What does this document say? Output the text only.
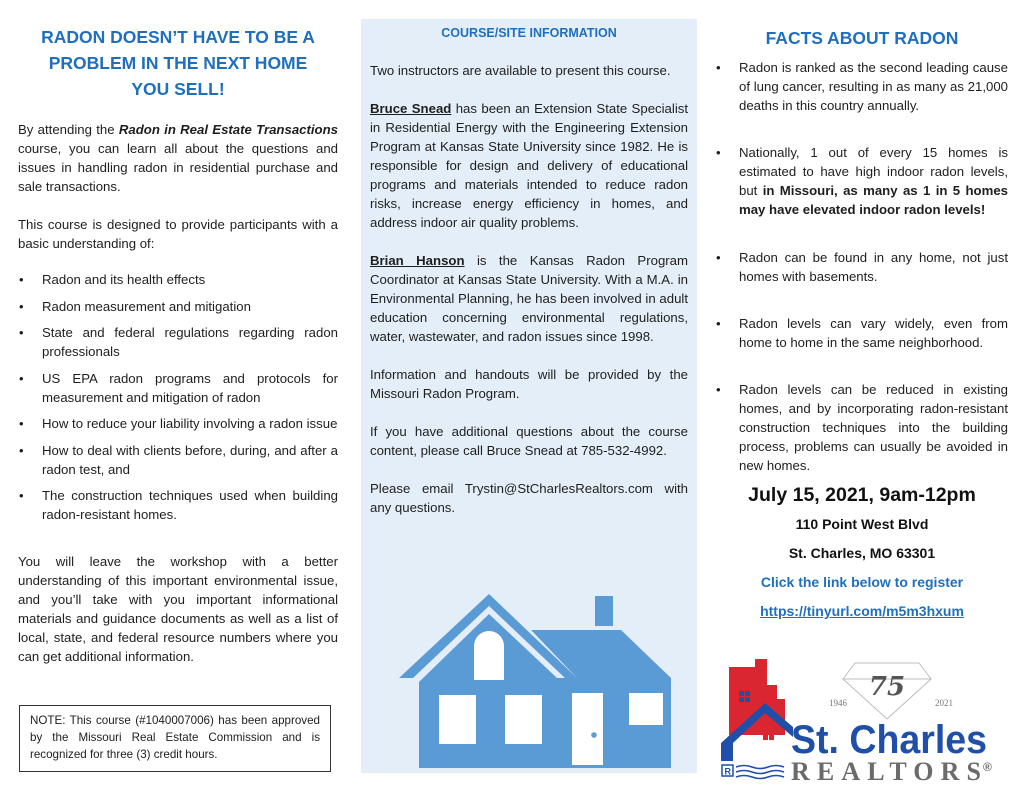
RADON DOESN’T HAVE TO BE A
PROBLEM IN THE NEXT HOME
YOU SELL!

By attending the Radon in Real Estate Transactions course, you can learn all about the questions and issues in handling radon in residential purchase and sale transactions.

This course is designed to provide participants with a basic understanding of:

• Radon and its health effects
• Radon measurement and mitigation
• State and federal regulations regarding radon professionals
• US EPA radon programs and protocols for measurement and mitigation of radon
• How to reduce your liability involving a radon issue
• How to deal with clients before, during, and after a radon test, and
• The construction techniques used when building radon-resistant homes.

You will leave the workshop with a better understanding of this important environmental issue, and you’ll take with you important informational materials and guidance documents as well as a list of local, state, and federal resource numbers where you can get additional information.

NOTE: This course (#1040007006) has been approved by the Missouri Real Estate Commission and is recognized for three (3) credit hours.
COURSE/SITE INFORMATION

Two instructors are available to present this course.

Bruce Snead has been an Extension State Specialist in Residential Energy with the Engineering Extension Program at Kansas State University since 1982. He is responsible for design and delivery of educational programs and materials intended to reduce radon risks, increase energy efficiency in homes, and address indoor air quality problems.

Brian Hanson is the Kansas Radon Program Coordinator at Kansas State University. With a M.A. in Environmental Planning, he has been involved in adult education concerning environmental regulations, water, wastewater, and radon issues since 1998.

Information and handouts will be provided by the Missouri Radon Program.

If you have additional questions about the course content, please call Bruce Snead at 785-532-4992.

Please email Trystin@StCharlesRealtors.com with any questions.

FACTS ABOUT RADON
• Radon is ranked as the second leading cause of lung cancer, resulting in as many as 21,000 deaths in this country annually.
• Nationally, 1 out of every 15 homes is estimated to have high indoor radon levels, but in Missouri, as many as 1 in 5 homes may have elevated indoor radon levels!
• Radon can be found in any home, not just homes with basements.
• Radon levels can vary widely, even from home to home in the same neighborhood.
• Radon levels can be reduced in existing homes, and by incorporating radon-resistant construction techniques into the building process, problems can usually be avoided in new homes.
July 15, 2021, 9am-12pm
110 Point West Blvd
St. Charles, MO 63301
Click the link below to register
https://tinyurl.com/m5m3hxum
75
1946	2021
St. Charles
R REALTORS ®
